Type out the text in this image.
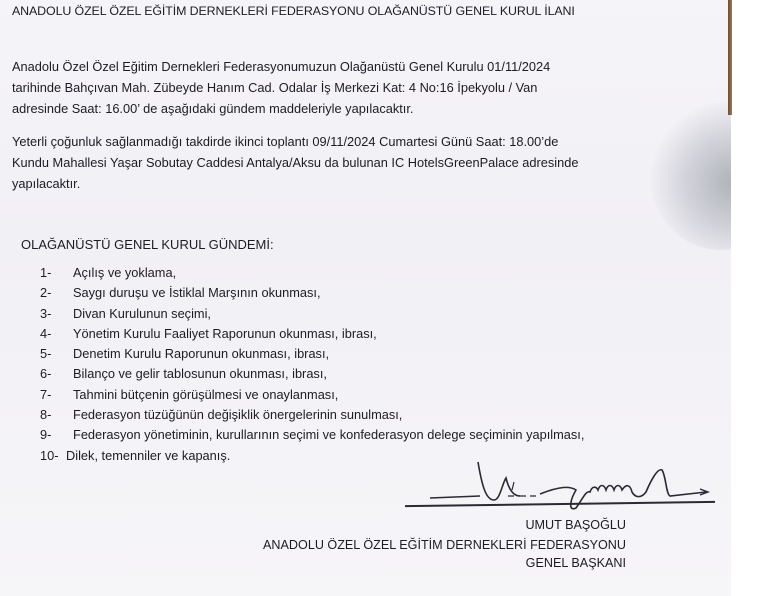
ANADOLU ÖZEL ÖZEL EĞİTİM DERNEKLERİ FEDERASYONU OLAĞANÜSTÜ GENEL KURUL İLANI
Anadolu Özel Özel Eğitim Dernekleri Federasyonumuzun Olağanüstü Genel Kurulu 01/11/2024
tarihinde Bahçıvan Mah. Zübeyde Hanım Cad. Odalar İş Merkezi Kat: 4 No:16 İpekyolu / Van
adresinde Saat: 16.00’ de aşağıdaki gündem maddeleriyle yapılacaktır.
Yeterli çoğunluk sağlanmadığı takdirde ikinci toplantı 09/11/2024 Cumartesi Günü Saat: 18.00’de
Kundu Mahallesi Yaşar Sobutay Caddesi Antalya/Aksu da bulunan IC HotelsGreenPalace adresinde
yapılacaktır.
OLAĞANÜSTÜ GENEL KURUL GÜNDEMİ:
1-	Açılış ve yoklama,
2-	Saygı duruşu ve İstiklal Marşının okunması,
3-	Divan Kurulunun seçimi,
4-	Yönetim Kurulu Faaliyet Raporunun okunması, ibrası,
5-	Denetim Kurulu Raporunun okunması, ibrası,
6-	Bilanço ve gelir tablosunun okunması, ibrası,
7-	Tahmini bütçenin görüşülmesi ve onaylanması,
8-	Federasyon tüzüğünün değişiklik önergelerinin sunulması,
9-	Federasyon yönetiminin, kurullarının seçimi ve konfederasyon delege seçiminin yapılması,
10- Dilek, temenniler ve kapanış.
UMUT BAŞOĞLU
ANADOLU ÖZEL ÖZEL EĞİTİM DERNEKLERİ FEDERASYONU
GENEL BAŞKANI
